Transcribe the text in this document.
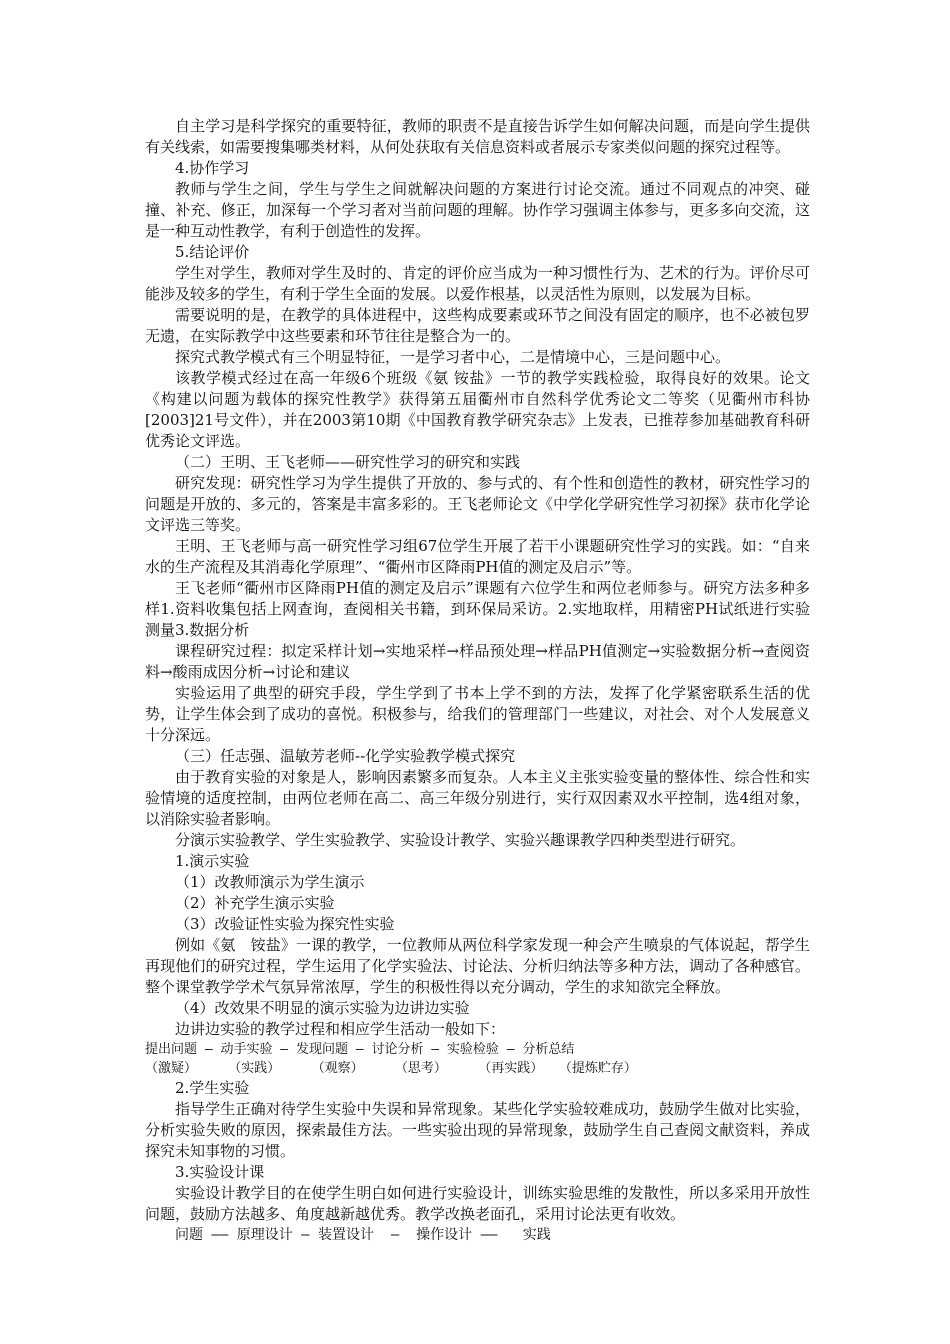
自主学习是科学探究的重要特征，教师的职责不是直接告诉学生如何解决问题，而是向学生提供有关线索，如需要搜集哪类材料，从何处获取有关信息资料或者展示专家类似问题的探究过程等。

4.协作学习

教师与学生之间，学生与学生之间就解决问题的方案进行讨论交流。通过不同观点的冲突、碰撞、补充、修正，加深每一个学习者对当前问题的理解。协作学习强调主体参与，更多多向交流，这是一种互动性教学，有利于创造性的发挥。

5.结论评价

学生对学生，教师对学生及时的、肯定的评价应当成为一种习惯性行为、艺术的行为。评价尽可能涉及较多的学生，有利于学生全面的发展。以爱作根基，以灵活性为原则，以发展为目标。

需要说明的是，在教学的具体进程中，这些构成要素或环节之间没有固定的顺序，也不必被包罗无遗，在实际教学中这些要素和环节往往是整合为一的。

探究式教学模式有三个明显特征，一是学习者中心，二是情境中心，三是问题中心。

该教学模式经过在高一年级6个班级《氨 铵盐》一节的教学实践检验，取得良好的效果。论文《构建以问题为载体的探究性教学》获得第五届衢州市自然科学优秀论文二等奖（见衢州市科协[2003]21号文件），并在2003第10期《中国教育教学研究杂志》上发表，已推荐参加基础教育科研优秀论文评选。

（二）王明、王飞老师——研究性学习的研究和实践

研究发现：研究性学习为学生提供了开放的、参与式的、有个性和创造性的教材，研究性学习的问题是开放的、多元的，答案是丰富多彩的。王飞老师论文《中学化学研究性学习初探》获市化学论文评选三等奖。

王明、王飞老师与高一研究性学习组67位学生开展了若干小课题研究性学习的实践。如：“自来水的生产流程及其消毒化学原理”、“衢州市区降雨PH值的测定及启示”等。

王飞老师“衢州市区降雨PH值的测定及启示”课题有六位学生和两位老师参与。研究方法多种多样1.资料收集包括上网查询，查阅相关书籍，到环保局采访。2.实地取样，用精密PH试纸进行实验测量3.数据分析

课程研究过程：拟定采样计划→实地采样→样品预处理→样品PH值测定→实验数据分析→查阅资料→酸雨成因分析→讨论和建议

实验运用了典型的研究手段，学生学到了书本上学不到的方法，发挥了化学紧密联系生活的优势，让学生体会到了成功的喜悦。积极参与，给我们的管理部门一些建议，对社会、对个人发展意义十分深远。

（三）任志强、温敏芳老师--化学实验教学模式探究

由于教育实验的对象是人，影响因素繁多而复杂。人本主义主张实验变量的整体性、综合性和实验情境的适度控制，由两位老师在高二、高三年级分别进行，实行双因素双水平控制，选4组对象，以消除实验者影响。

分演示实验教学、学生实验教学、实验设计教学、实验兴趣课教学四种类型进行研究。

1.演示实验

（1）改教师演示为学生演示

（2）补充学生演示实验

（3）改验证性实验为探究性实验

例如《氨　铵盐》一课的教学，一位教师从两位科学家发现一种会产生喷泉的气体说起，帮学生再现他们的研究过程，学生运用了化学实验法、讨论法、分析归纳法等多种方法，调动了各种感官。整个课堂教学学术气氛异常浓厚，学生的积极性得以充分调动，学生的求知欲完全释放。

（4）改效果不明显的演示实验为边讲边实验

边讲边实验的教学过程和相应学生活动一般如下：

提出问题 — 动手实验 — 发现问题 — 讨论分析 — 实验检验 — 分析总结

（激疑）    （实践）    （观察）    （思考）    （再实践）  （提炼贮存）

2.学生实验

指导学生正确对待学生实验中失误和异常现象。某些化学实验较难成功，鼓励学生做对比实验，分析实验失败的原因，探索最佳方法。一些实验出现的异常现象，鼓励学生自己查阅文献资料，养成探究未知事物的习惯。

3.实验设计课

实验设计教学目的在使学生明白如何进行实验设计，训练实验思维的发散性，所以多采用开放性问题，鼓励方法越多、角度越新越优秀。教学改换老面孔，采用讨论法更有收效。

问题 —— 原理设计 — 装置设计  —  操作设计 ——   实践
